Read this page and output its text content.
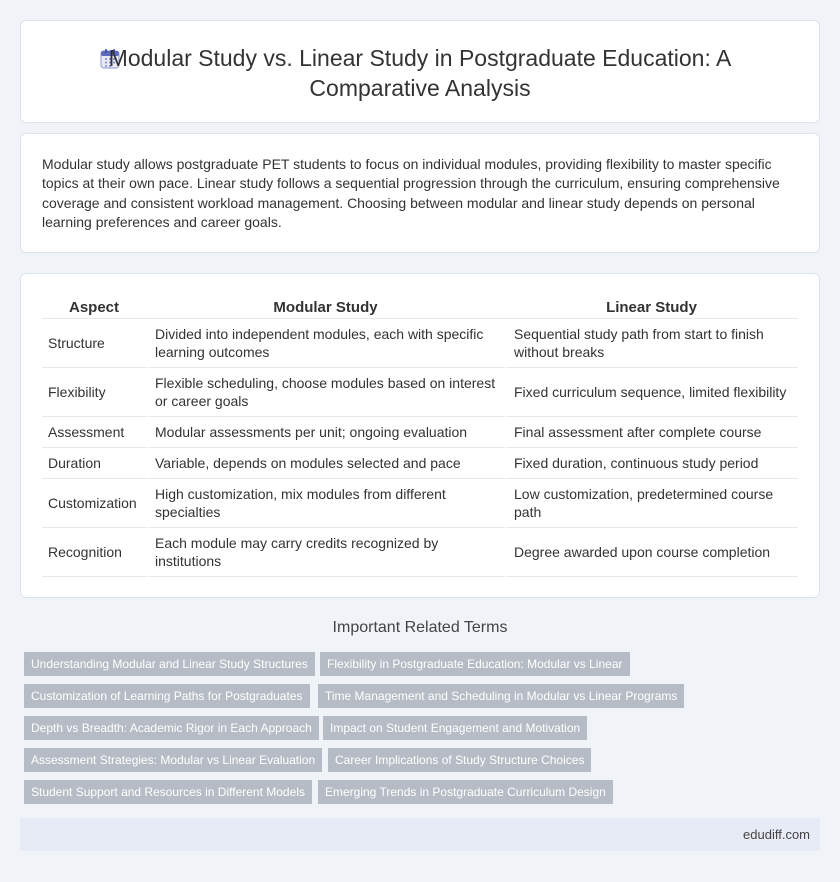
Modular Study vs. Linear Study in Postgraduate Education: A Comparative Analysis

Modular study allows postgraduate PET students to focus on individual modules, providing flexibility to master specific topics at their own pace. Linear study follows a sequential progression through the curriculum, ensuring comprehensive coverage and consistent workload management. Choosing between modular and linear study depends on personal learning preferences and career goals.

Aspect	Modular Study	Linear Study
Structure	Divided into independent modules, each with specific learning outcomes	Sequential study path from start to finish without breaks
Flexibility	Flexible scheduling, choose modules based on interest or career goals	Fixed curriculum sequence, limited flexibility
Assessment	Modular assessments per unit; ongoing evaluation	Final assessment after complete course
Duration	Variable, depends on modules selected and pace	Fixed duration, continuous study period
Customization	High customization, mix modules from different specialties	Low customization, predetermined course path
Recognition	Each module may carry credits recognized by institutions	Degree awarded upon course completion
Important Related Terms
Understanding Modular and Linear Study Structures	Flexibility in Postgraduate Education: Modular vs Linear
Customization of Learning Paths for Postgraduates	Time Management and Scheduling in Modular vs Linear Programs
Depth vs Breadth: Academic Rigor in Each Approach	Impact on Student Engagement and Motivation
Assessment Strategies: Modular vs Linear Evaluation	Career Implications of Study Structure Choices
Student Support and Resources in Different Models	Emerging Trends in Postgraduate Curriculum Design
edudiff.com
